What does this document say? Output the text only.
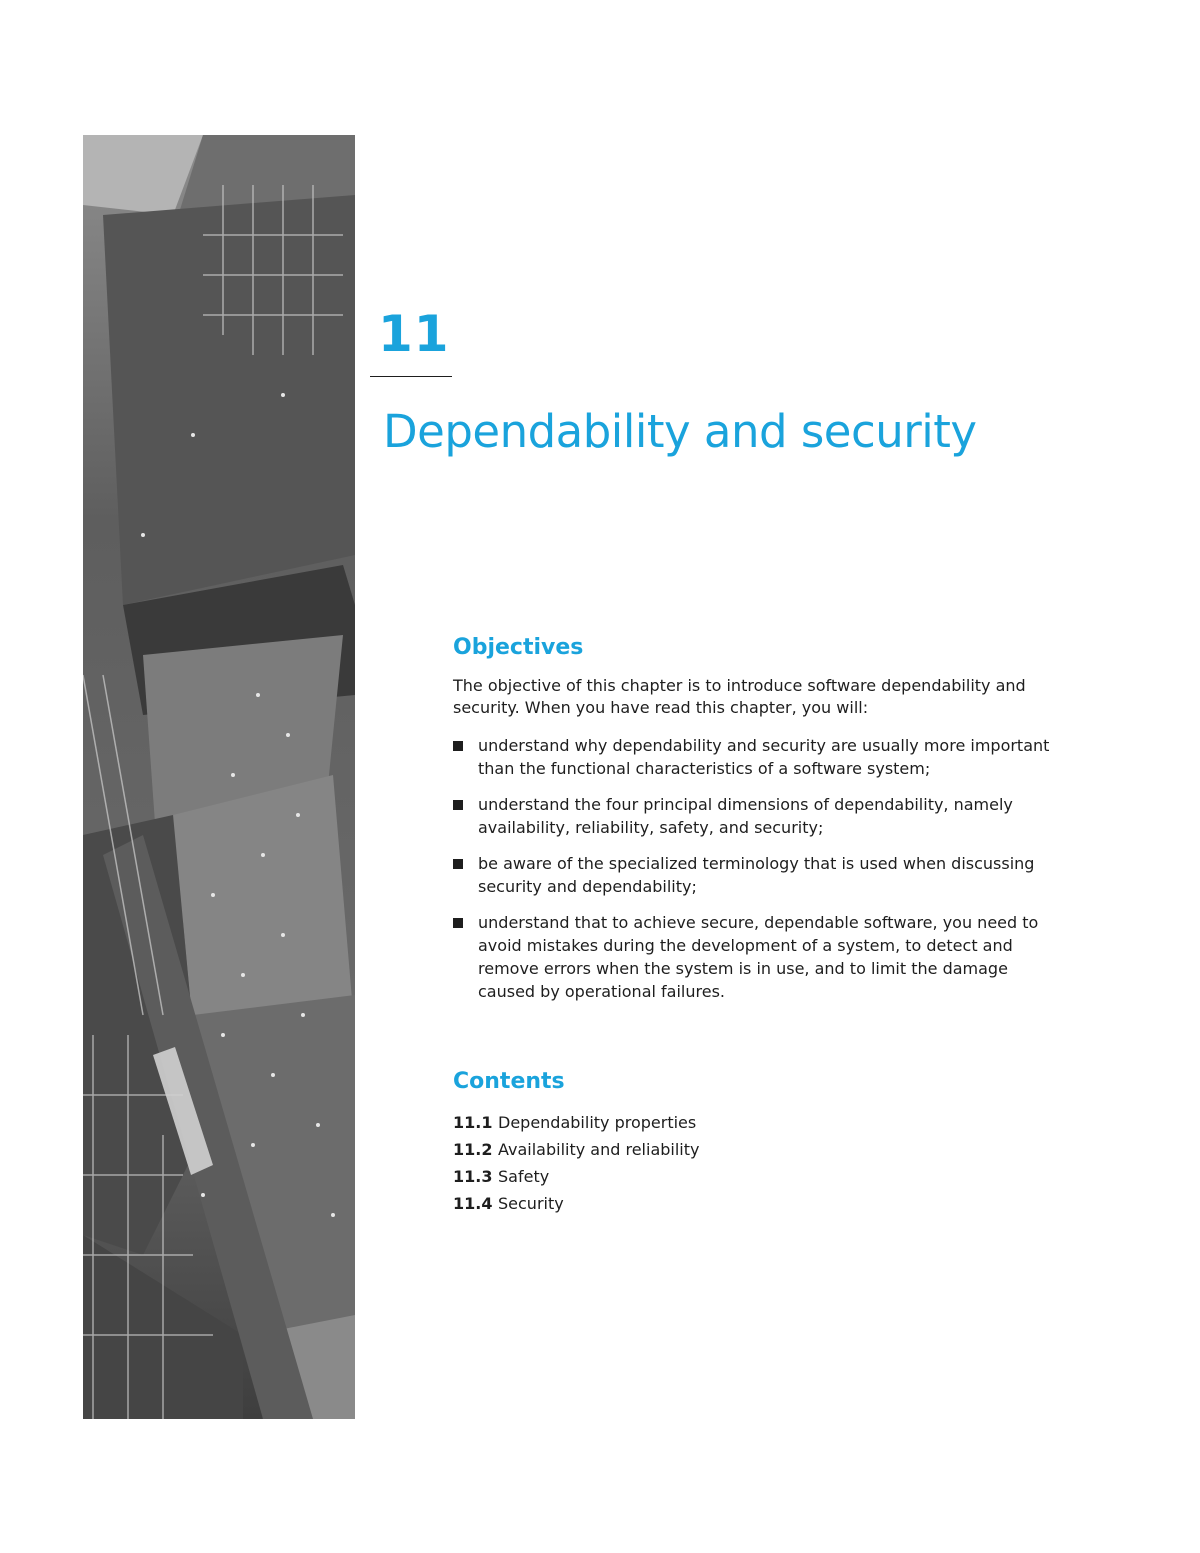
11
Dependability and security
Objectives

The objective of this chapter is to introduce software dependability and security. When you have read this chapter, you will:

understand why dependability and security are usually more important than the functional characteristics of a software system;
understand the four principal dimensions of dependability, namely availability, reliability, safety, and security;
be aware of the specialized terminology that is used when discussing security and dependability;
understand that to achieve secure, dependable software, you need to avoid mistakes during the development of a system, to detect and remove errors when the system is in use, and to limit the damage caused by operational failures.
Contents
11.1 Dependability properties
11.2 Availability and reliability
11.3 Safety
11.4 Security
